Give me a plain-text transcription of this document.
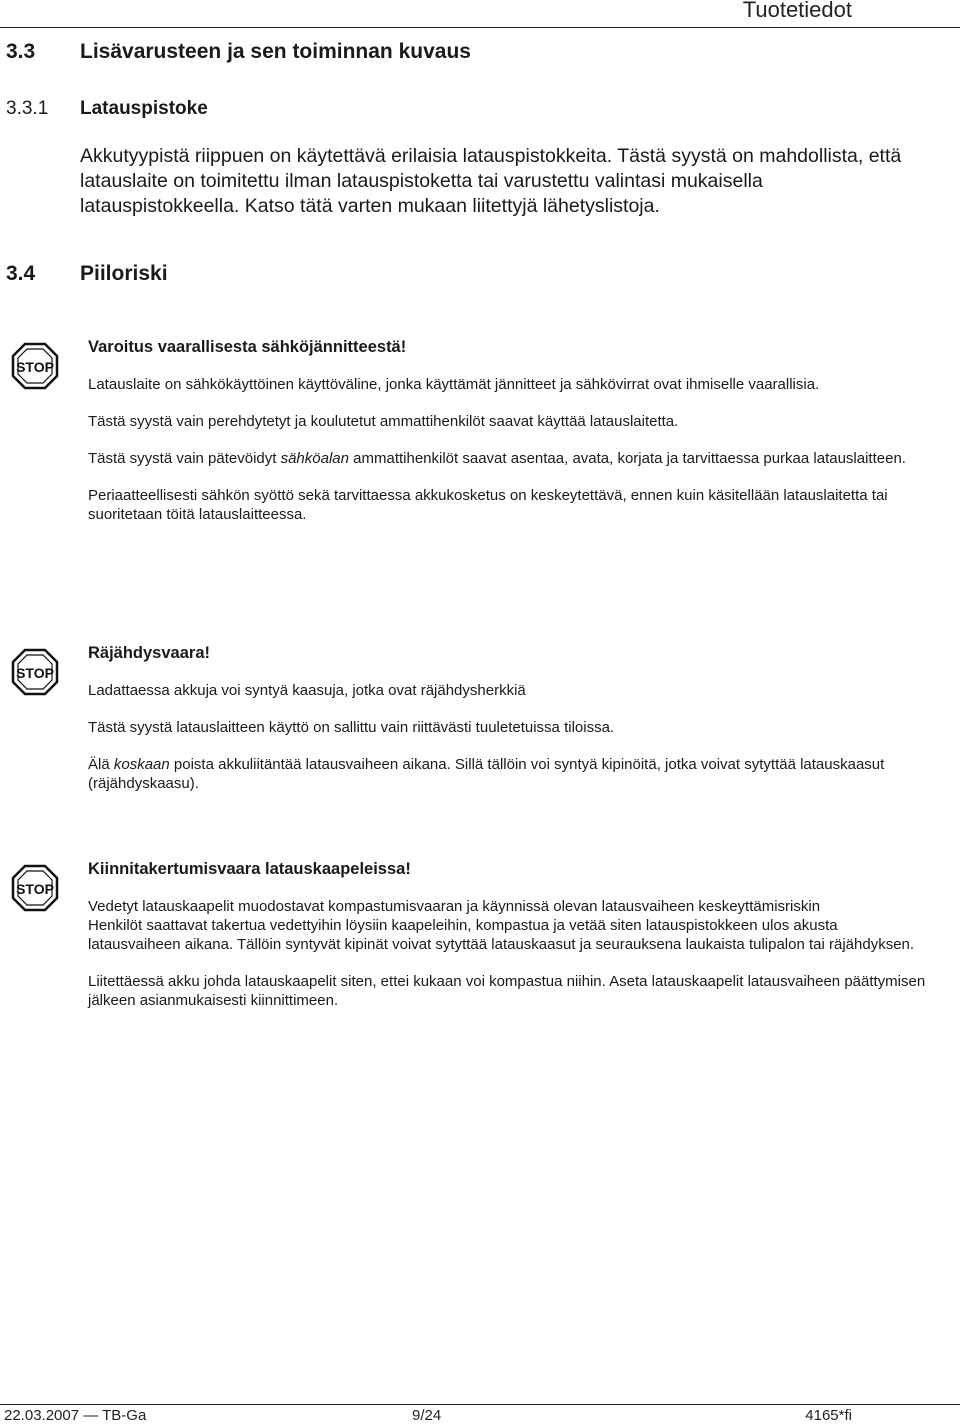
Tuotetiedot
3.3 Lisävarusteen ja sen toiminnan kuvaus
3.3.1 Latauspistoke

Akkutyypistä riippuen on käytettävä erilaisia latauspistokkeita. Tästä syystä on mahdollista, että latauslaite on toimitettu ilman latauspistoketta tai varustettu valintasi mukaisella latauspistokkeella. Katso tätä varten mukaan liitettyjä lähetyslistoja.

3.4 Piiloriski
STOP
Varoitus vaarallisesta sähköjännitteestä!

Latauslaite on sähkökäyttöinen käyttöväline, jonka käyttämät jännitteet ja sähkövirrat ovat ihmiselle vaarallisia.

Tästä syystä vain perehdytetyt ja koulutetut ammattihenkilöt saavat käyttää latauslaitetta.

Tästä syystä vain pätevöidyt sähköalan ammattihenkilöt saavat asentaa, avata, korjata ja tarvittaessa purkaa latauslaitteen.

Periaatteellisesti sähkön syöttö sekä tarvittaessa akkukosketus on keskeytettävä, ennen kuin käsitellään latauslaitetta tai suoritetaan töitä latauslaitteessa.

STOP
Räjähdysvaara!

Ladattaessa akkuja voi syntyä kaasuja, jotka ovat räjähdysherkkiä

Tästä syystä latauslaitteen käyttö on sallittu vain riittävästi tuuletetuissa tiloissa.

Älä koskaan poista akkuliitäntää latausvaiheen aikana. Sillä tällöin voi syntyä kipinöitä, jotka voivat sytyttää latauskaasut (räjähdyskaasu).

STOP
Kiinnitakertumisvaara latauskaapeleissa!

Vedetyt latauskaapelit muodostavat kompastumisvaaran ja käynnissä olevan latausvaiheen keskeyttämisriskin

Henkilöt saattavat takertua vedettyihin löysiin kaapeleihin, kompastua ja vetää siten latauspistokkeen ulos akusta latausvaiheen aikana. Tällöin syntyvät kipinät voivat sytyttää latauskaasut ja seurauksena laukaista tulipalon tai räjähdyksen.

Liitettäessä akku johda latauskaapelit siten, ettei kukaan voi kompastua niihin. Aseta latauskaapelit latausvaiheen päättymisen jälkeen asianmukaisesti kiinnittimeen.

22.03.2007 — TB-Ga	9/24	4165*fi
